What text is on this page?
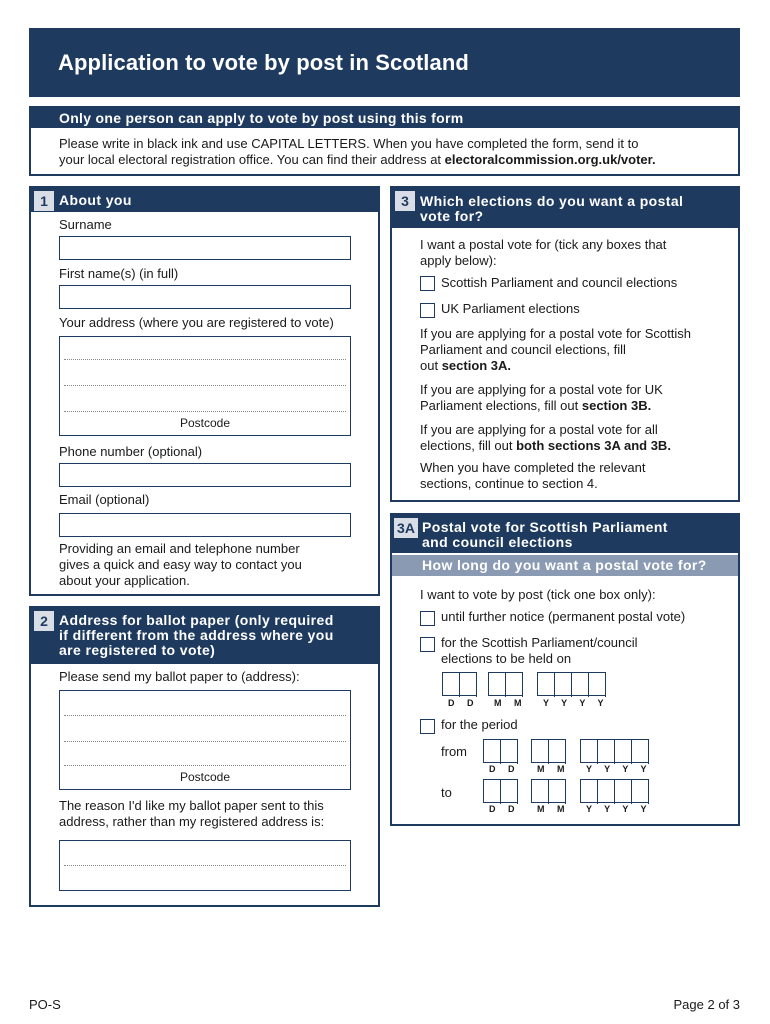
Application to vote by post in Scotland
Only one person can apply to vote by post using this form
Please write in black ink and use CAPITAL LETTERS. When you have completed the form, send it to
your local electoral registration office. You can find their address at electoralcommission.org.uk/voter.
1 About you
Surname
First name(s) (in full)
Your address (where you are registered to vote)
Postcode
Phone number (optional)
Email (optional)
Providing an email and telephone number
gives a quick and easy way to contact you
about your application.
2 Address for ballot paper (only required
if different from the address where you
are registered to vote)
Please send my ballot paper to (address):
Postcode
The reason I'd like my ballot paper sent to this
address, rather than my registered address is:
3 Which elections do you want a postal
vote for?
I want a postal vote for (tick any boxes that
apply below):
Scottish Parliament and council elections
UK Parliament elections
If you are applying for a postal vote for Scottish
Parliament and council elections, fill
out section 3A.
If you are applying for a postal vote for UK
Parliament elections, fill out section 3B.
If you are applying for a postal vote for all
elections, fill out both sections 3A and 3B.
When you have completed the relevant
sections, continue to section 4.
3A Postal vote for Scottish Parliament
and council elections
How long do you want a postal vote for?
I want to vote by post (tick one box only):
until further notice (permanent postal vote)
for the Scottish Parliament/council
elections to be held on
D D M M Y Y Y Y
for the period
from
D D M M Y Y Y Y
to
D D M M Y Y Y Y
PO-S	Page 2 of 3
